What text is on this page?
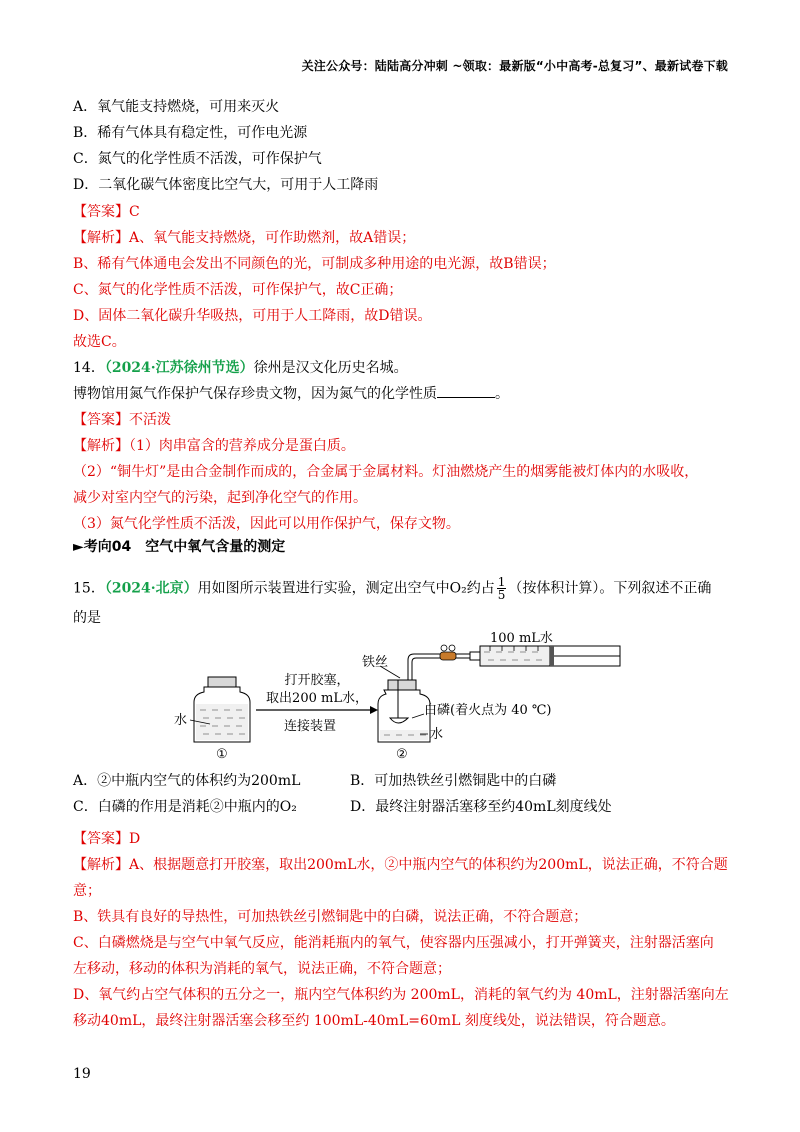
关注公众号：陆陆高分冲刺 ~领取：最新版“小中高考-总复习”、最新试卷下载
A．氧气能支持燃烧，可用来灭火
B．稀有气体具有稳定性，可作电光源
C．氮气的化学性质不活泼，可作保护气
D．二氧化碳气体密度比空气大，可用于人工降雨
【答案】C
【解析】A、氧气能支持燃烧，可作助燃剂，故A错误；
B、稀有气体通电会发出不同颜色的光，可制成多种用途的电光源，故B错误；
C、氮气的化学性质不活泼，可作保护气，故C正确；
D、固体二氧化碳升华吸热，可用于人工降雨，故D错误。
故选C。
14．（2024·江苏徐州节选）徐州是汉文化历史名城。
博物馆用氮气作保护气保存珍贵文物，因为氮气的化学性质	。
【答案】不活泼
【解析】（1）肉串富含的营养成分是蛋白质。
（2）“铜牛灯”是由合金制作而成的，合金属于金属材料。灯油燃烧产生的烟雾能被灯体内的水吸收，
减少对室内空气的污染，起到净化空气的作用。
（3）氮气化学性质不活泼，因此可以用作保护气，保存文物。
►考向04　空气中氧气含量的测定
15．（2024·北京）用如图所示装置进行实验，测定出空气中O₂约占 $\frac{1}{5}$ （按体积计算）。下列叙述不正确
的是
水
①
打开胶塞，
取出200 mL水，
连接装置
铁丝
白磷(着火点为 40 ℃)
水
②
100 mL水
A．②中瓶内空气的体积约为200mL	B．可加热铁丝引燃铜匙中的白磷
C．白磷的作用是消耗②中瓶内的O₂	D．最终注射器活塞移至约40mL刻度线处
【答案】D
【解析】A、根据题意打开胶塞，取出200mL水，②中瓶内空气的体积约为200mL，说法正确，不符合题
意；
B、铁具有良好的导热性，可加热铁丝引燃铜匙中的白磷，说法正确，不符合题意；
C、白磷燃烧是与空气中氧气反应，能消耗瓶内的氧气，使容器内压强减小，打开弹簧夹，注射器活塞向
左移动，移动的体积为消耗的氧气，说法正确，不符合题意；
D、氧气约占空气体积的五分之一，瓶内空气体积约为 200mL，消耗的氧气约为 40mL，注射器活塞向左
移动40mL，最终注射器活塞会移至约 100mL-40mL=60mL 刻度线处，说法错误，符合题意。
19
